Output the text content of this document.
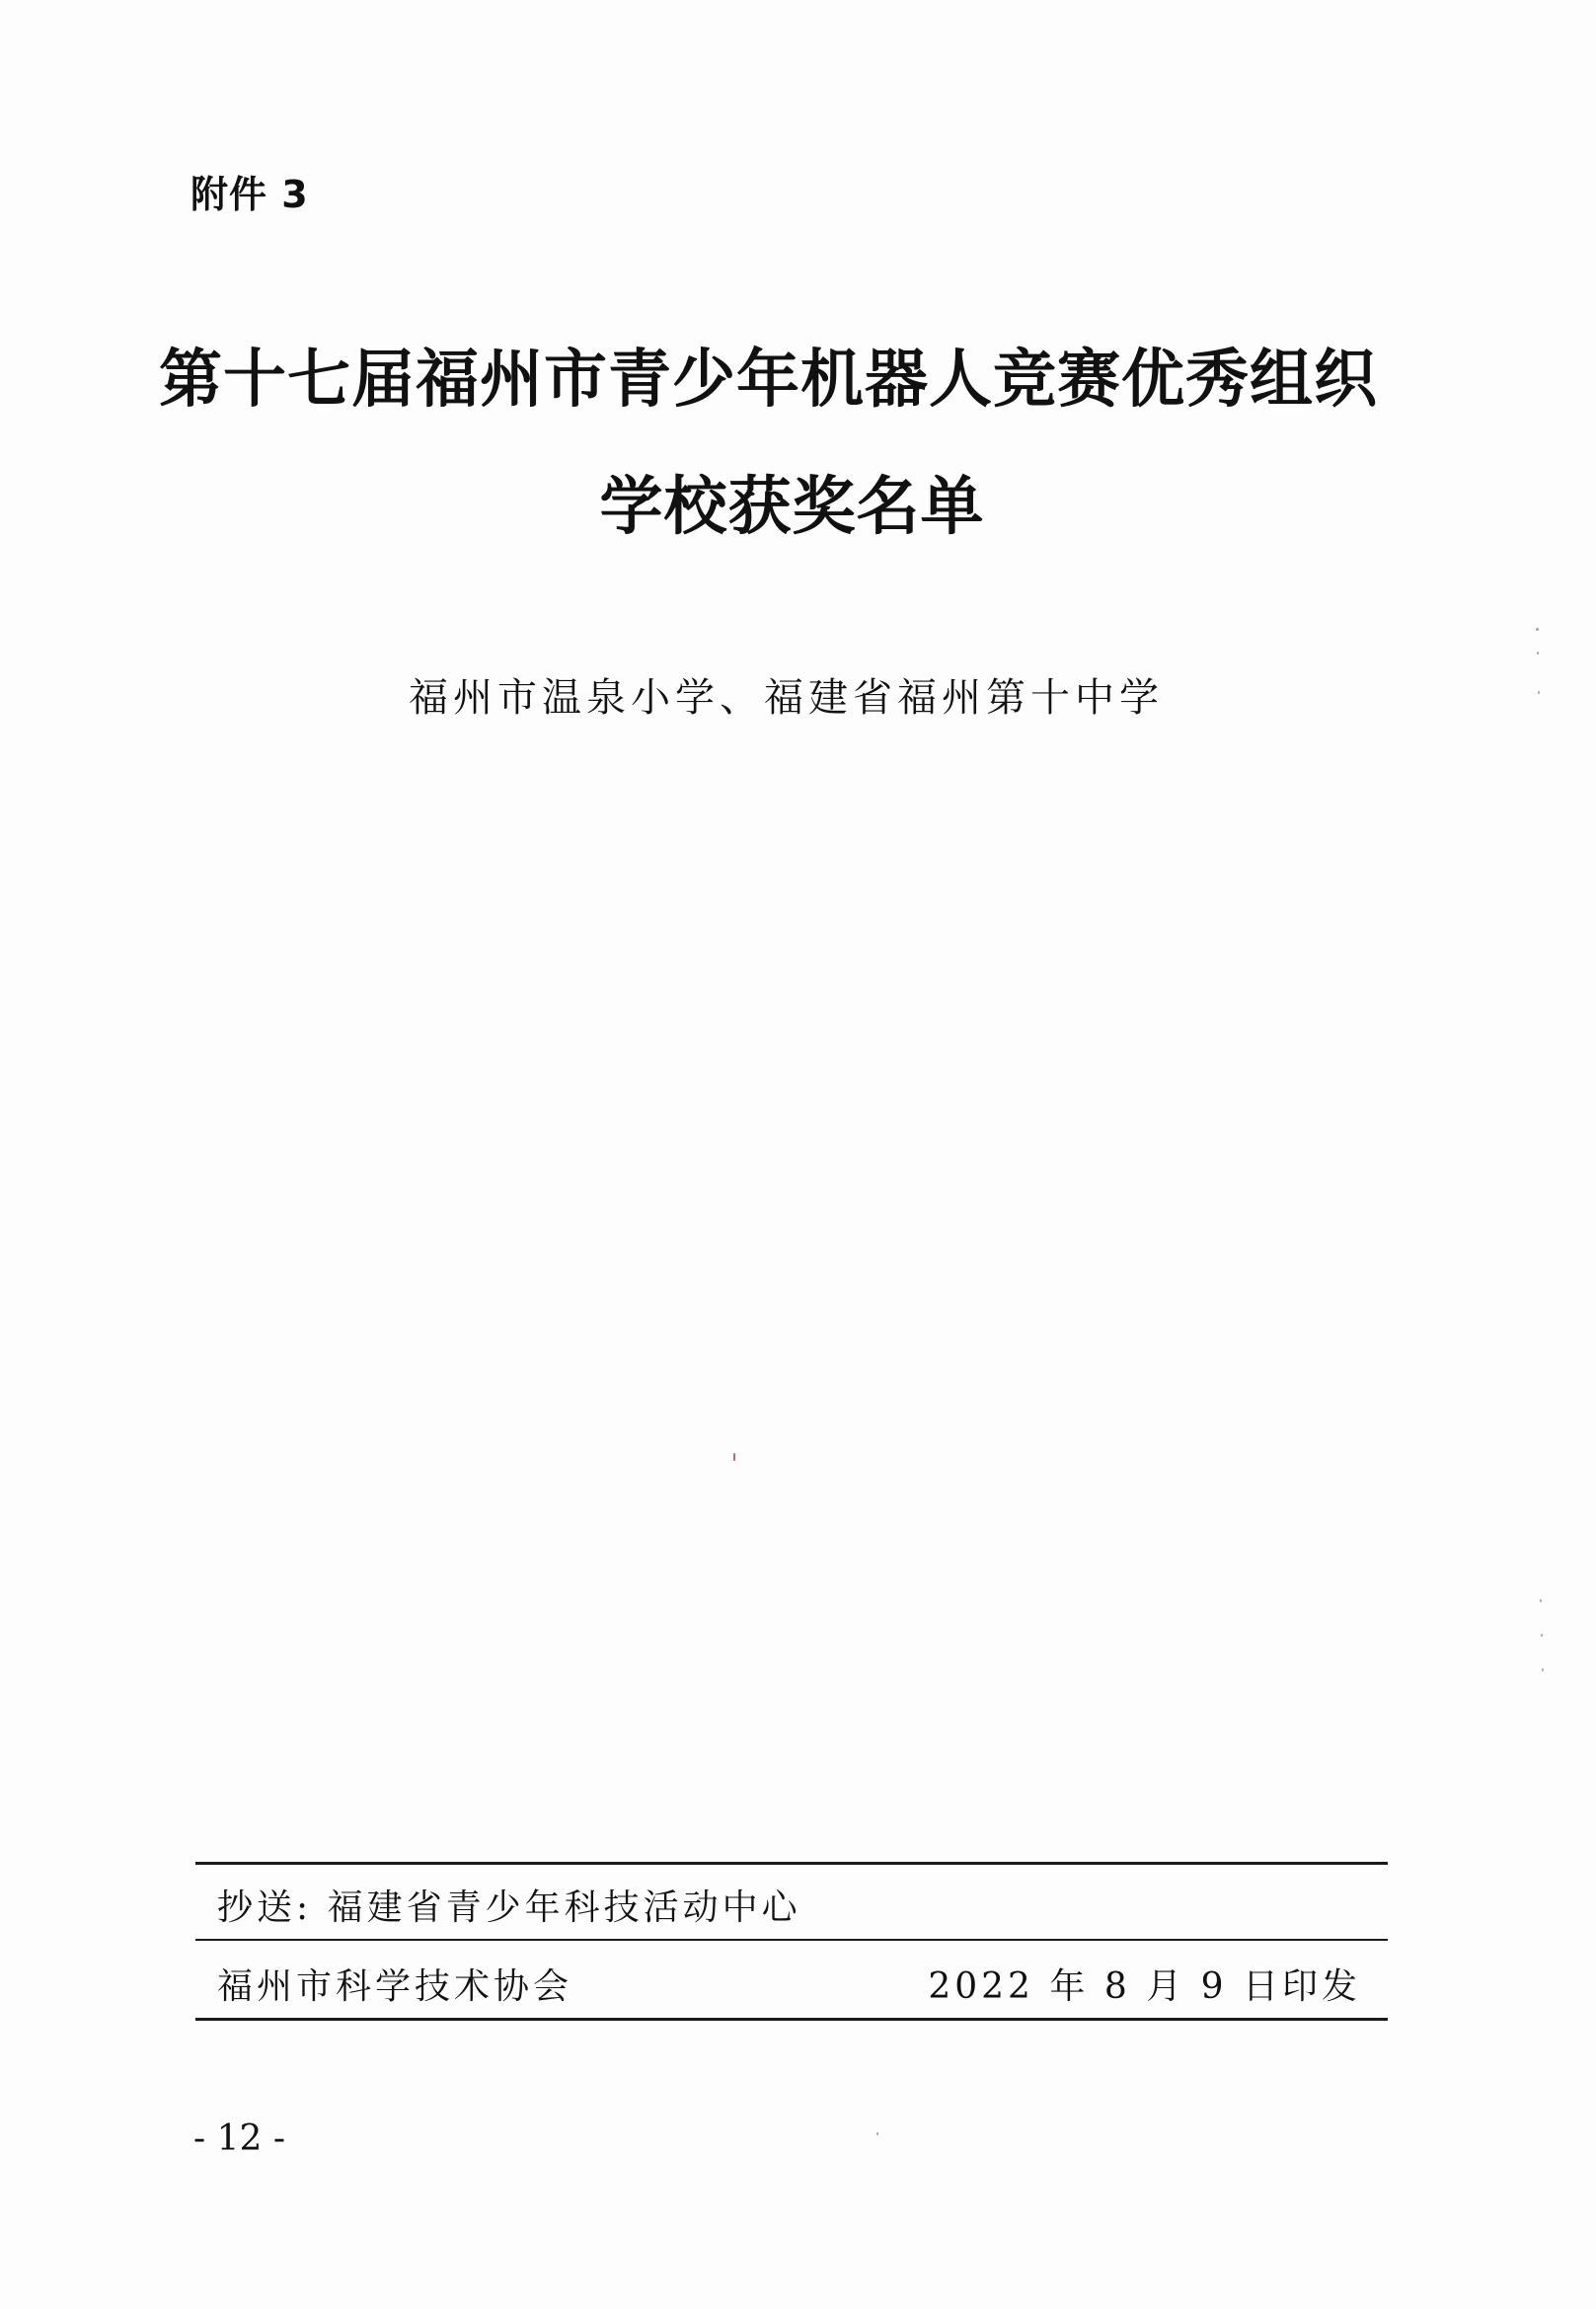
附件 3
第十七届福州市青少年机器人竞赛优秀组织
学校获奖名单
福州市温泉小学、福建省福州第十中学
抄送: 福建省青少年科技活动中心
福州市科学技术协会	2022 年 8 月 9 日印发
- 12 -
